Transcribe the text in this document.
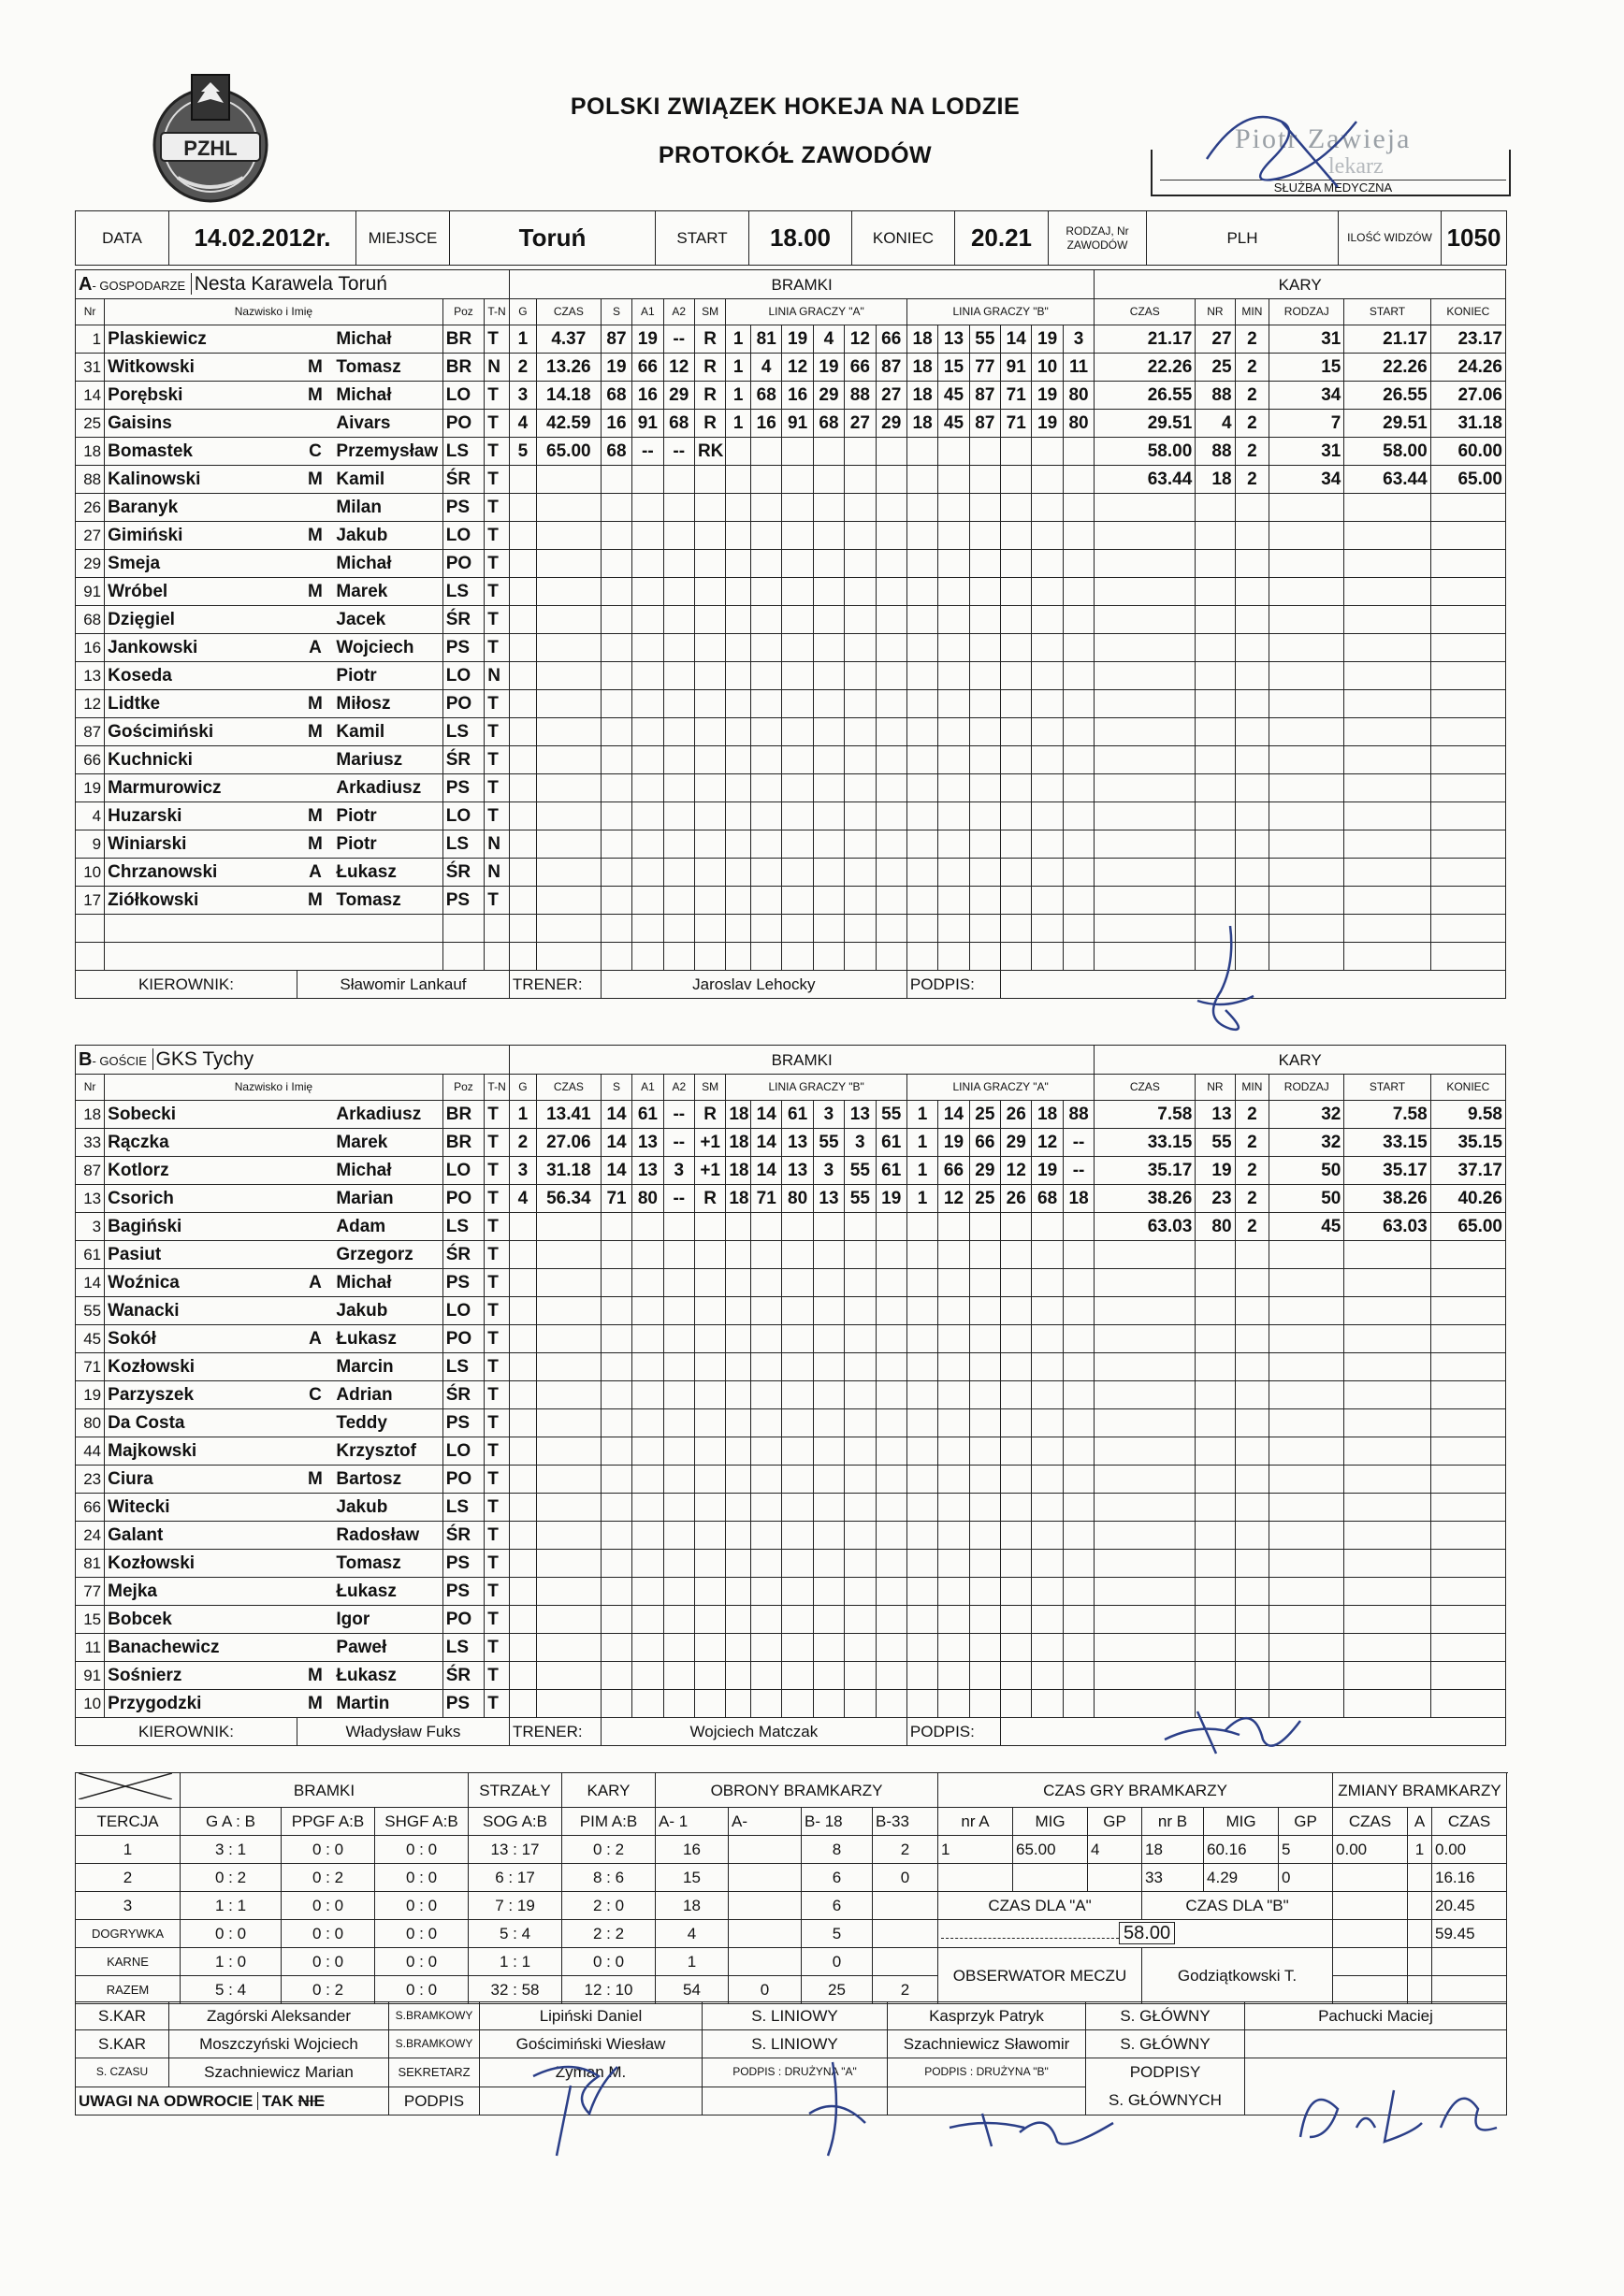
PZHL
POLSKI ZWIĄZEK HOKEJA NA LODZIE
PROTOKÓŁ ZAWODÓW
Piotr Zawieja
lekarz
SŁUŻBA MEDYCZNA
DATA	14.02.2012r.	MIEJSCE	Toruń	START	18.00	KONIEC	20.21	RODZAJ, Nr ZAWODÓW	PLH	ILOŚĆ WIDZÓW	1050
A- GOSPODARZE Nesta Karawela Toruń						BRAMKI																		KARY					
Nr	Nazwisko i Imię			Poz	T-N	G	CZAS	S	A1	A2	SM	LINIA GRACZY "A"						LINIA GRACZY "B"						CZAS	NR	MIN	RODZAJ	START	KONIEC
1	Plaskiewicz		Michał	BR	T	1	4.37	87	19	--	R	1	81	19	4	12	66	18	13	55	14	19	3	21.17	27	2	31	21.17	23.17
31	Witkowski	M	Tomasz	BR	N	2	13.26	19	66	12	R	1	4	12	19	66	87	18	15	77	91	10	11	22.26	25	2	15	22.26	24.26
14	Porębski	M	Michał	LO	T	3	14.18	68	16	29	R	1	68	16	29	88	27	18	45	87	71	19	80	26.55	88	2	34	26.55	27.06
25	Gaisins		Aivars	PO	T	4	42.59	16	91	68	R	1	16	91	68	27	29	18	45	87	71	19	80	29.51	4	2	7	29.51	31.18
18	Bomastek	C	Przemysław	LS	T	5	65.00	68	--	--	RK													58.00	88	2	31	58.00	60.00
88	Kalinowski	M	Kamil	ŚR	T																			63.44	18	2	34	63.44	65.00
26	Baranyk		Milan	PS	T																								
27	Gimiński	M	Jakub	LO	T																								
29	Smeja		Michał	PO	T																								
91	Wróbel	M	Marek	LS	T																								
68	Dzięgiel		Jacek	ŚR	T																								
16	Jankowski	A	Wojciech	PS	T																								
13	Koseda		Piotr	LO	N																								
12	Lidtke	M	Miłosz	PO	T																								
87	Gościmiński	M	Kamil	LS	T																								
66	Kuchnicki		Mariusz	ŚR	T																								
19	Marmurowicz		Arkadiusz	PS	T																								
4	Huzarski	M	Piotr	LO	T																								
9	Winiarski	M	Piotr	LS	N																								
10	Chrzanowski	A	Łukasz	ŚR	N																								
17	Ziółkowski	M	Tomasz	PS	T																								

KIEROWNIK:		Sławomir Lankauf				TRENER:		Jaroslav Lehocky										PODPIS:											
B- GOŚCIE GKS Tychy						BRAMKI																		KARY					
Nr	Nazwisko i Imię			Poz	T-N	G	CZAS	S	A1	A2	SM	LINIA GRACZY "B"						LINIA GRACZY "A"						CZAS	NR	MIN	RODZAJ	START	KONIEC
18	Sobecki		Arkadiusz	BR	T	1	13.41	14	61	--	R	18	14	61	3	13	55	1	14	25	26	18	88	7.58	13	2	32	7.58	9.58
33	Rączka		Marek	BR	T	2	27.06	14	13	--	+1	18	14	13	55	3	61	1	19	66	29	12	--	33.15	55	2	32	33.15	35.15
87	Kotlorz		Michał	LO	T	3	31.18	14	13	3	+1	18	14	13	3	55	61	1	66	29	12	19	--	35.17	19	2	50	35.17	37.17
13	Csorich		Marian	PO	T	4	56.34	71	80	--	R	18	71	80	13	55	19	1	12	25	26	68	18	38.26	23	2	50	38.26	40.26
3	Bagiński		Adam	LS	T																			63.03	80	2	45	63.03	65.00
61	Pasiut		Grzegorz	ŚR	T																								
14	Woźnica	A	Michał	PS	T																								
55	Wanacki		Jakub	LO	T																								
45	Sokół	A	Łukasz	PO	T																								
71	Kozłowski		Marcin	LS	T																								
19	Parzyszek	C	Adrian	ŚR	T																								
80	Da Costa		Teddy	PS	T																								
44	Majkowski		Krzysztof	LO	T																								
23	Ciura	M	Bartosz	PO	T																								
66	Witecki		Jakub	LS	T																								
24	Galant		Radosław	ŚR	T																								
81	Kozłowski		Tomasz	PS	T																								
77	Mejka		Łukasz	PS	T																								
15	Bobcek		Igor	PO	T																								
11	Banachewicz		Paweł	LS	T																								
91	Sośnierz	M	Łukasz	ŚR	T																								
10	Przygodzki	M	Martin	PS	T																								
KIEROWNIK:		Władysław Fuks				TRENER:		Wojciech Matczak										PODPIS:											
	BRAMKI			STRZAŁY	KARY	OBRONY BRAMKARZY				CZAS GRY BRAMKARZY						ZMIANY BRAMKARZY			
TERCJA	G A : B	PPGF A:B	SHGF A:B	SOG A:B	PIM A:B	A- 1	A-	B- 18	B-33	nr A	MIG	GP	nr B	MIG	GP	CZAS	A	CZAS	
1	3 : 1	0 : 0	0 : 0	13 : 17	0 : 2	16		8	2	1	65.00	4	18	60.16	5	0.00	1	0.00	
2	0 : 2	0 : 2	0 : 0	6 : 17	8 : 6	15		6	0				33	4.29	0			16.16	
3	1 : 1	0 : 0	0 : 0	7 : 19	2 : 0	18		6		CZAS DLA "A"			CZAS DLA "B"					20.45	
DOGRYWKA	0 : 0	0 : 0	0 : 0	5 : 4	2 : 2	4		5		58.00								59.45	
KARNE	1 : 0	0 : 0	0 : 0	1 : 1	0 : 0	1		0		OBSERWATOR MECZU			Godziątkowski T.						
RAZEM	5 : 4	0 : 2	0 : 0	32 : 58	12 : 10	54	0	25	2										
S.KAR	Zagórski Aleksander	S.BRAMKOWY	Lipiński Daniel	S. LINIOWY	Kasprzyk Patryk	S. GŁÓWNY	Pachucki Maciej
S.KAR	Moszczyński Wojciech	S.BRAMKOWY	Gościmiński Wiesław	S. LINIOWY	Szachniewicz Sławomir	S. GŁÓWNY	
S. CZASU	Szachniewicz Marian	SEKRETARZ	Zyman M.	PODPIS : DRUŻYNA "A"	PODPIS : DRUŻYNA "B"	PODPISY
S. GŁÓWNYCH	
UWAGI NA ODWROCIE TAK NIE		PODPIS					
